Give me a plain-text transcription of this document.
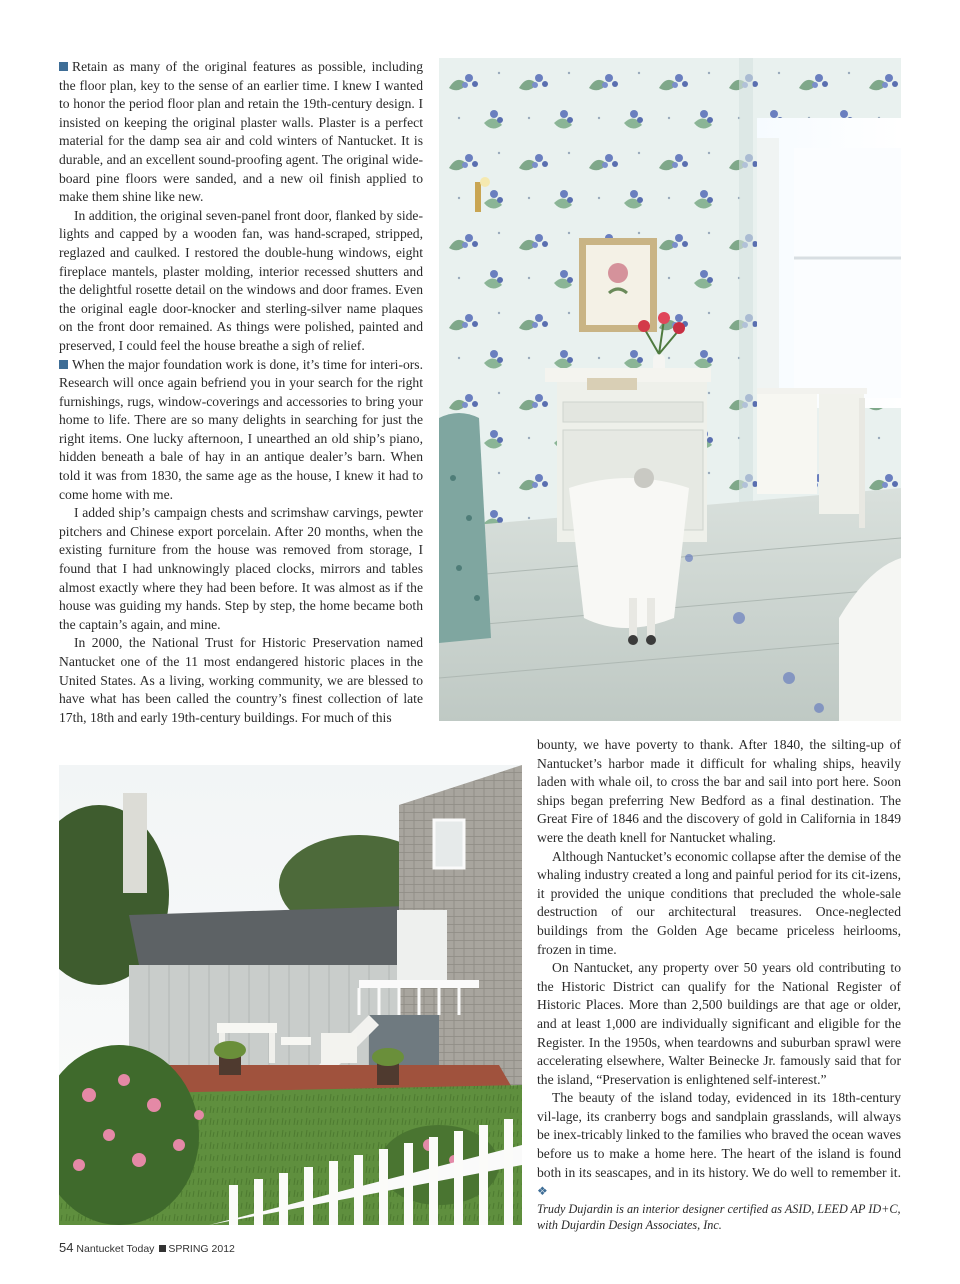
Retain as many of the original features as possible, including the floor plan, key to the sense of an earlier time. I knew I wanted to honor the period floor plan and retain the 19th-century design. I insisted on keeping the original plaster walls. Plaster is a perfect material for the damp sea air and cold winters of Nantucket. It is durable, and an excellent sound-proofing agent. The original wide-board pine floors were sanded, and a new oil finish applied to make them shine like new.

In addition, the original seven-panel front door, flanked by side-lights and capped by a wooden fan, was hand-scraped, stripped, reglazed and caulked. I restored the double-hung windows, eight fireplace mantels, plaster molding, interior recessed shutters and the delightful rosette detail on the windows and door frames. Even the original eagle door-knocker and sterling-silver name plaques on the front door remained. As things were polished, painted and preserved, I could feel the house breathe a sigh of relief.

When the major foundation work is done, it’s time for interi-ors. Research will once again befriend you in your search for the right furnishings, rugs, window-coverings and accessories to bring your home to life. There are so many delights in searching for just the right items. One lucky afternoon, I unearthed an old ship’s piano, hidden beneath a bale of hay in an antique dealer’s barn. When told it was from 1830, the same age as the house, I knew it had to come home with me.

I added ship’s campaign chests and scrimshaw carvings, pewter pitchers and Chinese export porcelain. After 20 months, when the existing furniture from the house was removed from storage, I found that I had unknowingly placed clocks, mirrors and tables almost exactly where they had been before. It was almost as if the house was guiding my hands. Step by step, the home became both the captain’s again, and mine.

In 2000, the National Trust for Historic Preservation named Nantucket one of the 11 most endangered historic places in the United States. As a living, working community, we are blessed to have what has been called the country’s finest collection of late 17th, 18th and early 19th-century buildings. For much of this

bounty, we have poverty to thank. After 1840, the silting-up of Nantucket’s harbor made it difficult for whaling ships, heavily laden with whale oil, to cross the bar and sail into port here. Soon ships began preferring New Bedford as a final destination. The Great Fire of 1846 and the discovery of gold in California in 1849 were the death knell for Nantucket whaling.

Although Nantucket’s economic collapse after the demise of the whaling industry created a long and painful period for its cit-izens, it provided the unique conditions that precluded the whole-sale destruction of our architectural treasures. Once-neglected buildings from the Golden Age became priceless heirlooms, frozen in time.

On Nantucket, any property over 50 years old contributing to the Historic District can qualify for the National Register of Historic Places. More than 2,500 buildings are that age or older, and at least 1,000 are individually significant and eligible for the Register. In the 1950s, when teardowns and suburban sprawl were accelerating elsewhere, Walter Beinecke Jr. famously said that for the island, “Preservation is enlightened self-interest.”

The beauty of the island today, evidenced in its 18th-century vil-lage, its cranberry bogs and sandplain grasslands, will always be inex-tricably linked to the families who braved the ocean waves before us to make a home here. The heart of the island is found both in its seascapes, and in its history. We do well to remember it. ❖

Trudy Dujardin is an interior designer certified as ASID, LEED AP ID+C, with Dujardin Design Associates, Inc.

54 Nantucket Today SPRING 2012
